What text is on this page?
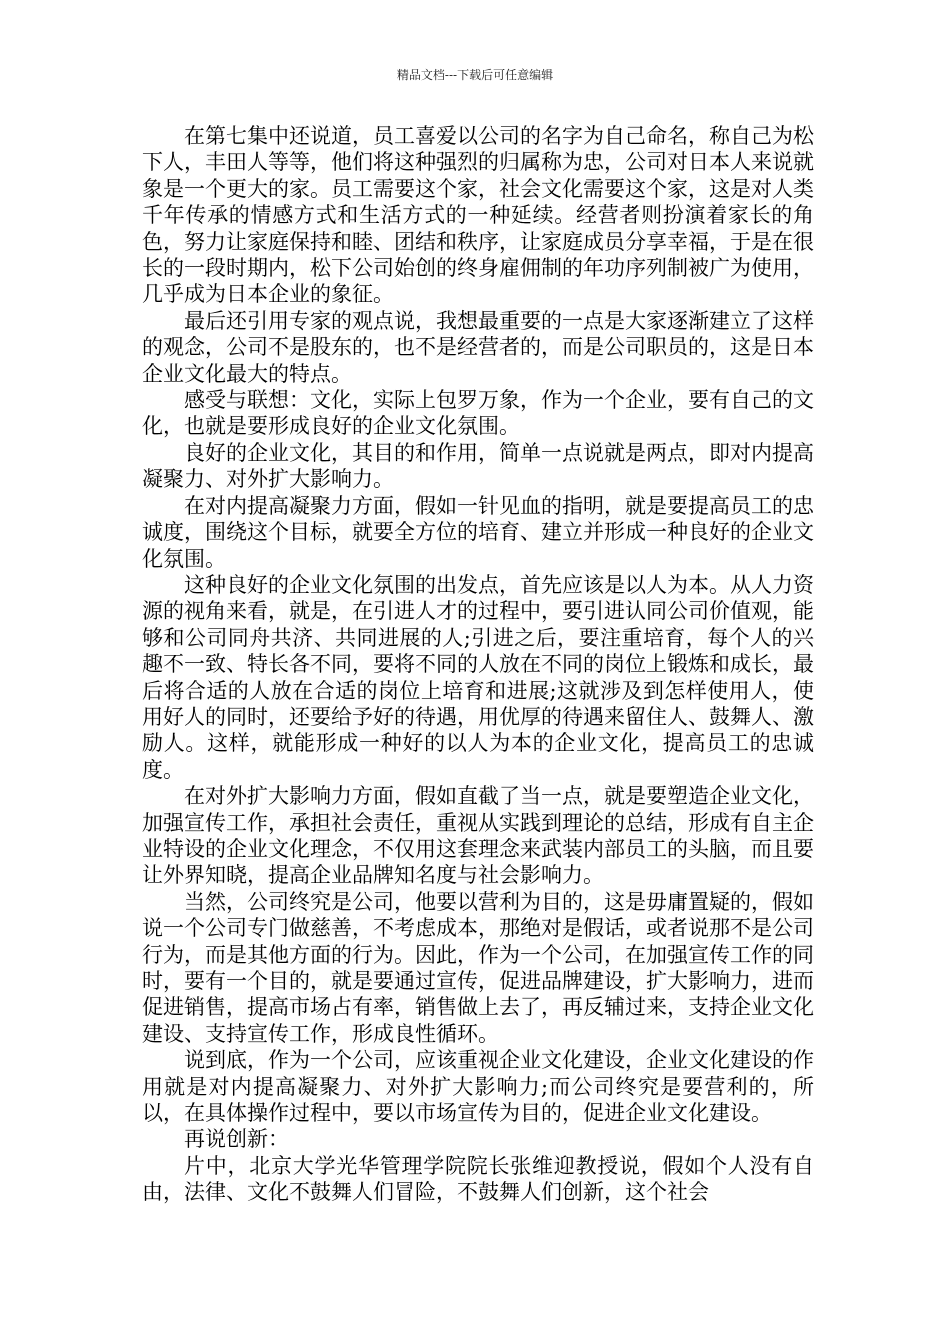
精品文档---下载后可任意编辑

在第七集中还说道，员工喜爱以公司的名字为自己命名，称自己为松下人，丰田人等等，他们将这种强烈的归属称为忠，公司对日本人来说就象是一个更大的家。员工需要这个家，社会文化需要这个家，这是对人类千年传承的情感方式和生活方式的一种延续。经营者则扮演着家长的角色，努力让家庭保持和睦、团结和秩序，让家庭成员分享幸福，于是在很长的一段时期内，松下公司始创的终身雇佣制的年功序列制被广为使用，几乎成为日本企业的象征。

最后还引用专家的观点说，我想最重要的一点是大家逐渐建立了这样的观念，公司不是股东的，也不是经营者的，而是公司职员的，这是日本企业文化最大的特点。

感受与联想：文化，实际上包罗万象，作为一个企业，要有自己的文化，也就是要形成良好的企业文化氛围。

良好的企业文化，其目的和作用，简单一点说就是两点，即对内提高凝聚力、对外扩大影响力。

在对内提高凝聚力方面，假如一针见血的指明，就是要提高员工的忠诚度，围绕这个目标，就要全方位的培育、建立并形成一种良好的企业文化氛围。

这种良好的企业文化氛围的出发点，首先应该是以人为本。从人力资源的视角来看，就是，在引进人才的过程中，要引进认同公司价值观，能够和公司同舟共济、共同进展的人;引进之后，要注重培育，每个人的兴趣不一致、特长各不同，要将不同的人放在不同的岗位上锻炼和成长，最后将合适的人放在合适的岗位上培育和进展;这就涉及到怎样使用人，使用好人的同时，还要给予好的待遇，用优厚的待遇来留住人、鼓舞人、激励人。这样，就能形成一种好的以人为本的企业文化，提高员工的忠诚度。

在对外扩大影响力方面，假如直截了当一点，就是要塑造企业文化，加强宣传工作，承担社会责任，重视从实践到理论的总结，形成有自主企业特设的企业文化理念，不仅用这套理念来武装内部员工的头脑，而且要让外界知晓，提高企业品牌知名度与社会影响力。

当然，公司终究是公司，他要以营利为目的，这是毋庸置疑的，假如说一个公司专门做慈善，不考虑成本，那绝对是假话，或者说那不是公司行为，而是其他方面的行为。因此，作为一个公司，在加强宣传工作的同时，要有一个目的，就是要通过宣传，促进品牌建设，扩大影响力，进而促进销售，提高市场占有率，销售做上去了，再反辅过来，支持企业文化建设、支持宣传工作，形成良性循环。

说到底，作为一个公司，应该重视企业文化建设，企业文化建设的作用就是对内提高凝聚力、对外扩大影响力;而公司终究是要营利的，所以，在具体操作过程中，要以市场宣传为目的，促进企业文化建设。

再说创新：

片中，北京大学光华管理学院院长张维迎教授说，假如个人没有自由，法律、文化不鼓舞人们冒险，不鼓舞人们创新，这个社会
